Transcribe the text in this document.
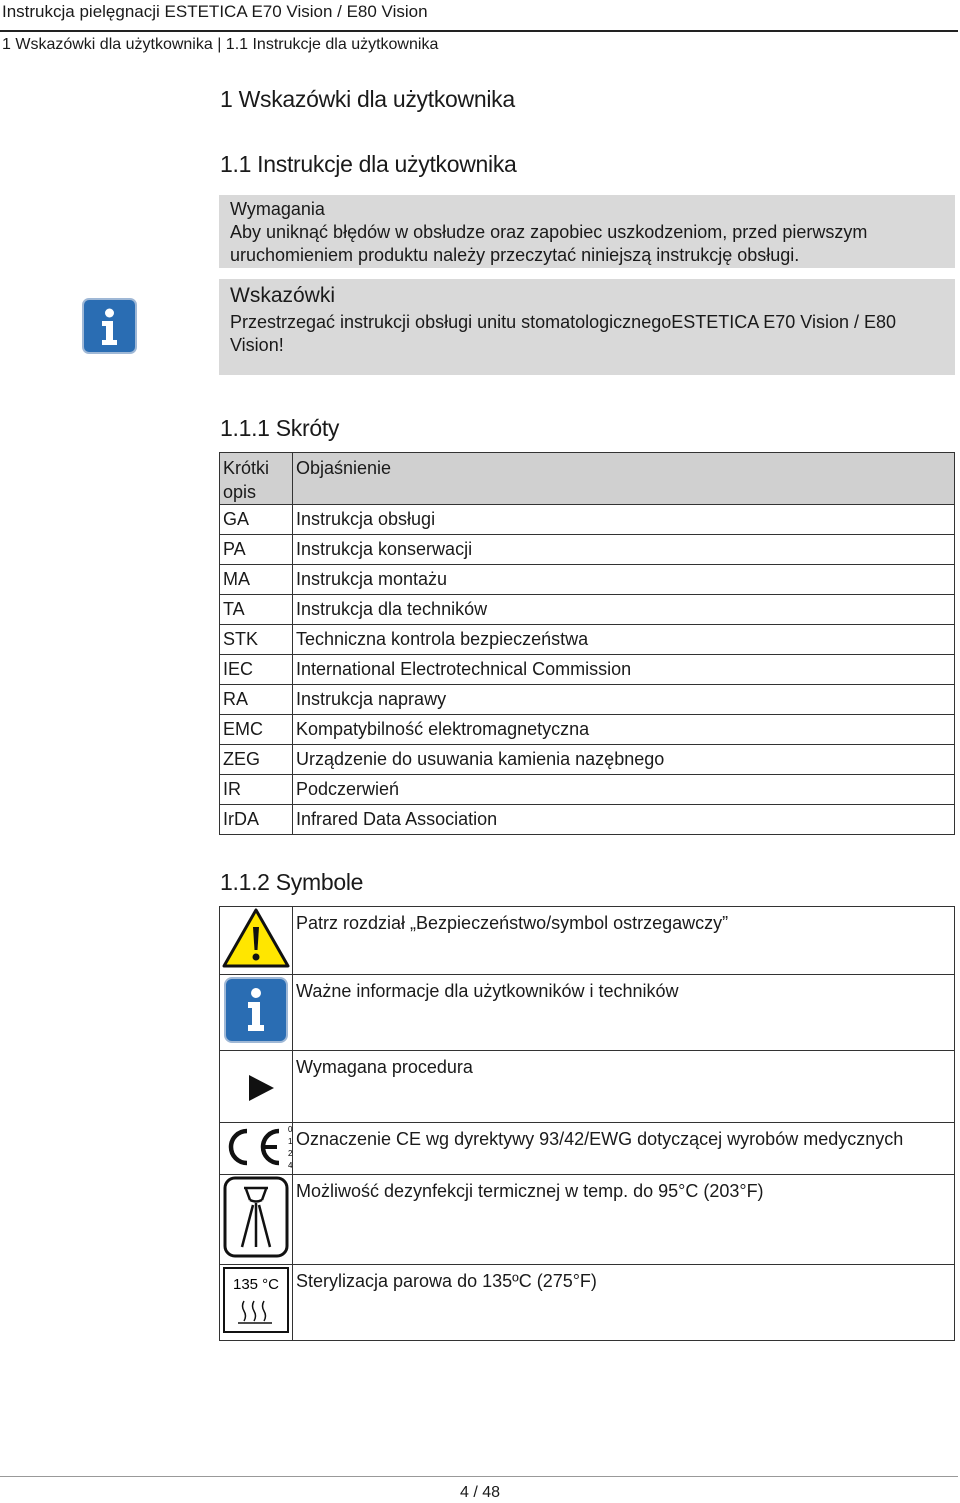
Instrukcja pielęgnacji ESTETICA E70 Vision / E80 Vision
1 Wskazówki dla użytkownika | 1.1 Instrukcje dla użytkownika
1 Wskazówki dla użytkownika
1.1 Instrukcje dla użytkownika
Wymagania
Aby uniknąć błędów w obsłudze oraz zapobiec uszkodzeniom, przed pierwszym uruchomieniem produktu należy przeczytać niniejszą instrukcję obsługi.
Wskazówki
Przestrzegać instrukcji obsługi unitu stomatologicznegoESTETICA E70 Vision / E80 Vision!
1.1.1 Skróty
Krótki opis	Objaśnienie
GA	Instrukcja obsługi
PA	Instrukcja konserwacji
MA	Instrukcja montażu
TA	Instrukcja dla techników
STK	Techniczna kontrola bezpieczeństwa
IEC	International Electrotechnical Commission
RA	Instrukcja naprawy
EMC	Kompatybilność elektromagnetyczna
ZEG	Urządzenie do usuwania kamienia nazębnego
IR	Podczerwień
IrDA	Infrared Data Association
1.1.2 Symbole
	Patrz rozdział „Bezpieczeństwo/symbol ostrzegawczy”
	Ważne informacje dla użytkowników i techników
	Wymagana procedura

0
1
2
4	Oznaczenie CE wg dyrektywy 93/42/EWG dotyczącej wyrobów medycznych
	Możliwość dezynfekcji termicznej w temp. do 95°C (203°F)

135 °C	Sterylizacja parowa do 135ºC (275°F)
4 / 48
